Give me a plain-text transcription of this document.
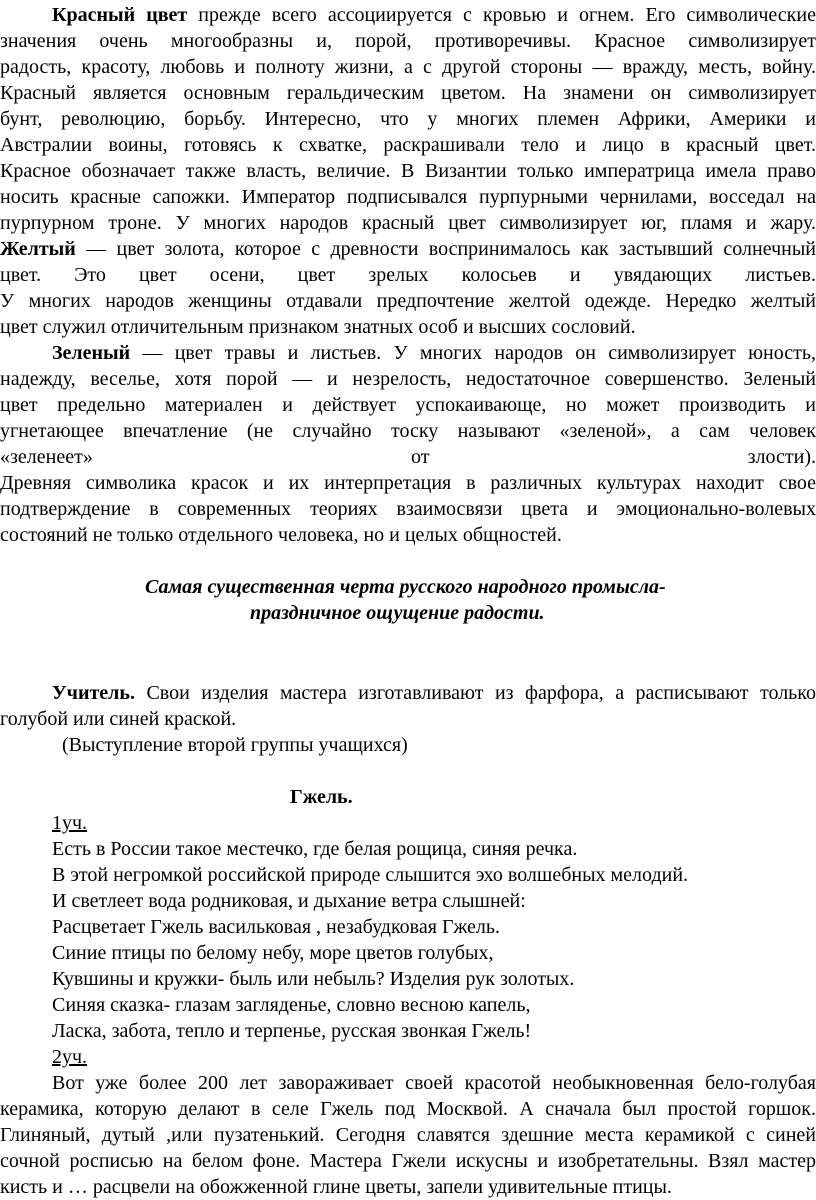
Красный цвет прежде всего ассоциируется с кровью и огнем. Его символические
значения очень многообразны и, порой, противоречивы. Красное символизирует
радость, красоту, любовь и полноту жизни, а с другой стороны — вражду, месть, войну.
Красный является основным геральдическим цветом. На знамени он символизирует
бунт, революцию, борьбу. Интересно, что у многих племен Африки, Америки и
Австралии воины, готовясь к схватке, раскрашивали тело и лицо в красный цвет.
Красное обозначает также власть, величие. В Византии только императрица имела право
носить красные сапожки. Император подписывался пурпурными чернилами, восседал на
пурпурном троне. У многих народов красный цвет символизирует юг, пламя и жару.
Желтый — цвет золота, которое с древности воспринималось как застывший солнечный
цвет. Это цвет осени, цвет зрелых колосьев и увядающих листьев.
У многих народов женщины отдавали предпочтение желтой одежде. Нередко желтый
цвет служил отличительным признаком знатных особ и высших сословий.
Зеленый — цвет травы и листьев. У многих народов он символизирует юность,
надежду, веселье, хотя порой — и незрелость, недостаточное совершенство. Зеленый
цвет предельно материален и действует успокаивающе, но может производить и
угнетающее впечатление (не случайно тоску называют «зеленой», а сам человек
«зеленеет» от злости).
Древняя символика красок и их интерпретация в различных культурах находит свое
подтверждение в современных теориях взаимосвязи цвета и эмоционально-волевых
состояний не только отдельного человека, но и целых общностей.
Самая существенная черта русского народного промысла-
праздничное ощущение радости.
Учитель. Свои изделия мастера изготавливают из фарфора, а расписывают только
голубой или синей краской.
(Выступление второй группы учащихся)
Гжель.
1уч.
Есть в России такое местечко, где белая рощица, синяя речка.
В этой негромкой российской природе слышится эхо волшебных мелодий.
И светлеет вода родниковая, и дыхание ветра слышней:
Расцветает Гжель васильковая , незабудковая Гжель.
Синие птицы по белому небу, море цветов голубых,
Кувшины и кружки- быль или небыль? Изделия рук золотых.
Синяя сказка- глазам загляденье, словно весною капель,
Ласка, забота, тепло и терпенье, русская звонкая Гжель!
2уч.
Вот уже более 200 лет завораживает своей красотой необыкновенная бело-голубая
керамика, которую делают в селе Гжель под Москвой. А сначала был простой горшок.
Глиняный, дутый ,или пузатенький. Сегодня славятся здешние места керамикой с синей
сочной росписью на белом фоне. Мастера Гжели искусны и изобретательны. Взял мастер
кисть и … расцвели на обожженной глине цветы, запели удивительные птицы.
